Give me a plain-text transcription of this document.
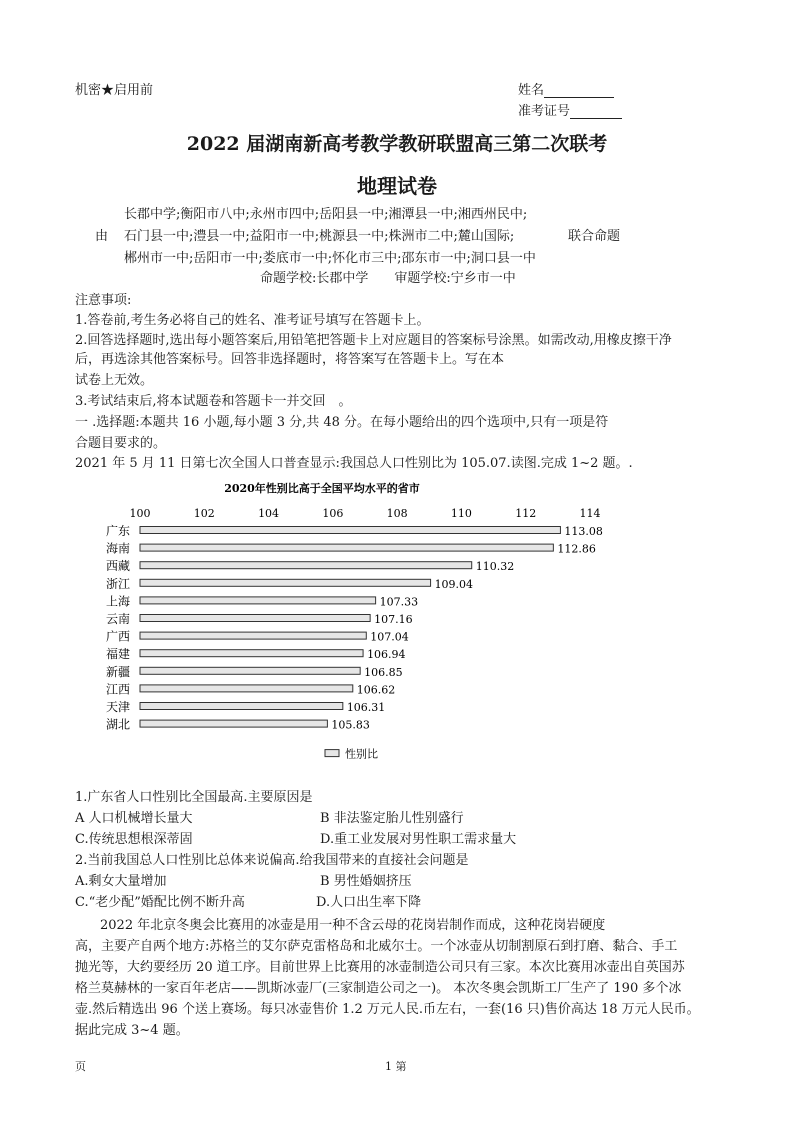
机密★启用前	姓名
准考证号
2022 届湖南新高考教学教研联盟高三第二次联考
地理试卷
长郡中学;衡阳市八中;永州市四中;岳阳县一中;湘潭县一中;湘西州民中;
由 石门县一中;澧县一中;益阳市一中;桃源县一中;株洲市二中;麓山国际;	联合命题
郴州市一中;岳阳市一中;娄底市一中;怀化市三中;邵东市一中;洞口县一中
命题学校:长郡中学　　审题学校:宁乡市一中
注意事项:
1.答卷前,考生务必将自己的姓名、准考证号填写在答题卡上。
2.回答选择题时,选出每小题答案后,用铅笔把答题卡上对应题目的答案标号涂黑。如需改动,用橡皮擦干净
后，再选涂其他答案标号。回答非选择题时，将答案写在答题卡上。写在本
试卷上无效。
3.考试结束后,将本试题卷和答题卡一并交回　。
一 .选择题:本题共 16 小题,每小题 3 分,共 48 分。在每小题给出的四个选项中,只有一项是符
合题目要求的。
2021 年 5 月 11 日第七次全国人口普查显示:我国总人口性别比为 105.07.读图.完成 1~2 题。.
2020年性别比高于全国平均水平的省市
100	102	104	106	108	110	112	114
广东	113.08
海南	112.86
西藏	110.32
浙江	109.04
上海	107.33
云南	107.16
广西	107.04
福建	106.94
新疆	106.85
江西	106.62
天津	106.31
湖北	105.83
性别比
1.广东省人口性别比全国最高.主要原因是
A 人口机械增长量大	B 非法鉴定胎儿性别盛行
C.传统思想根深蒂固	D.重工业发展对男性职工需求量大
2.当前我国总人口性别比总体来说偏高.给我国带来的直接社会问题是
A.剩女大量增加	B 男性婚姻挤压
C.“老少配”婚配比例不断升高	D.人口出生率下降
2022 年北京冬奥会比赛用的冰壶是用一种不含云母的花岗岩制作而成，这种花岗岩硬度
高，主要产自两个地方:苏格兰的艾尔萨克雷格岛和北威尔士。一个冰壶从切制割原石到打磨、黏合、手工
抛光等，大约要经历 20 道工序。目前世界上比赛用的冰壶制造公司只有三家。本次比赛用冰壶出自英国苏
格兰莫赫林的一家百年老店——凯斯冰壶厂(三家制造公司之一)。 本次冬奥会凯斯工厂生产了 190 多个冰
壶.然后精选出 96 个送上赛场。每只冰壶售价 1.2 万元人民.币左右，一套(16 只)售价高达 18 万元人民币。
据此完成 3~4 题。
页	1 第
